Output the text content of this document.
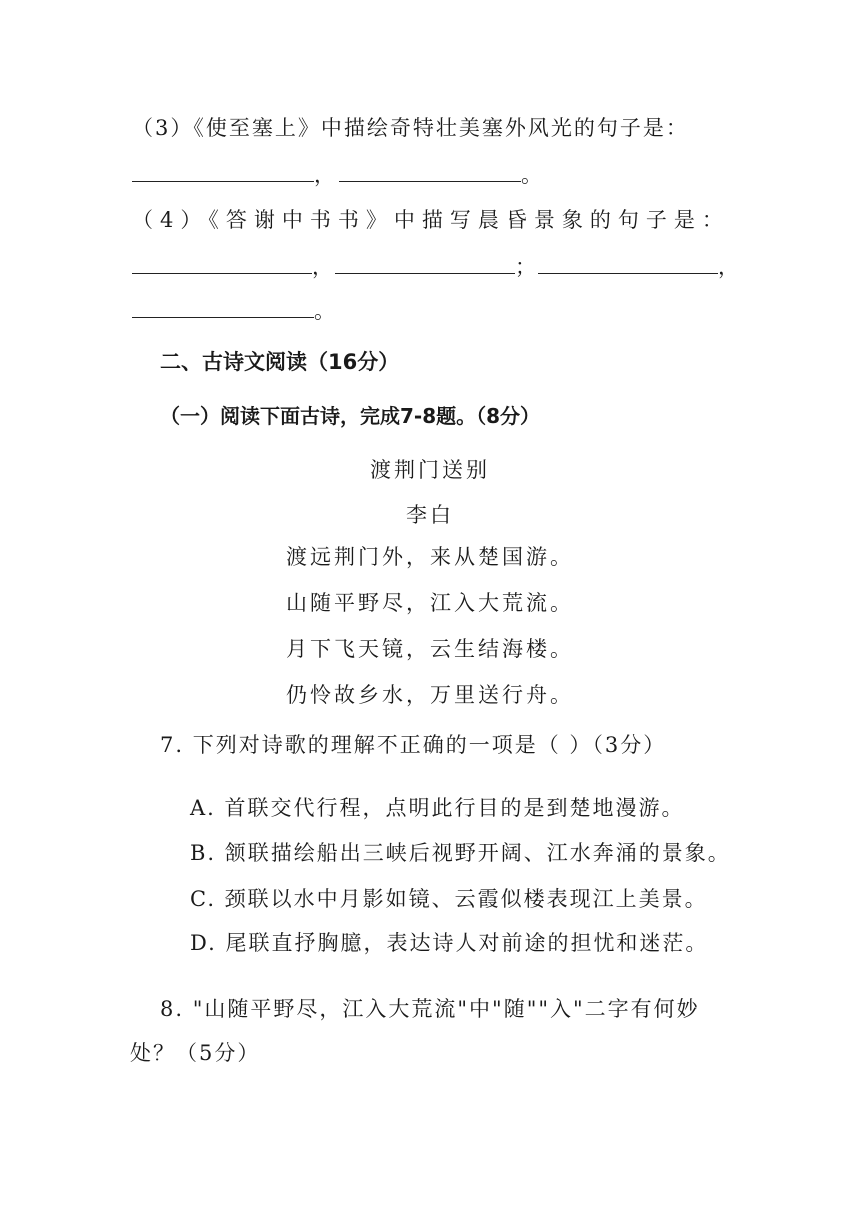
（3）《使至塞上》中描绘奇特壮美塞外风光的句子是：
，	。
（4）《答谢中书书》中描写晨昏景象的句子是：
，	；	，
。
二、古诗文阅读（16分）
（一）阅读下面古诗，完成7-8题。（8分）
渡荆门送别
李白
渡远荆门外，来从楚国游。
山随平野尽，江入大荒流。
月下飞天镜，云生结海楼。
仍怜故乡水，万里送行舟。
7. 下列对诗歌的理解不正确的一项是（ ）（3分）
A. 首联交代行程，点明此行目的是到楚地漫游。
B. 颔联描绘船出三峡后视野开阔、江水奔涌的景象。
C. 颈联以水中月影如镜、云霞似楼表现江上美景。
D. 尾联直抒胸臆，表达诗人对前途的担忧和迷茫。
8. "山随平野尽，江入大荒流"中"随""入"二字有何妙
处？（5分）
